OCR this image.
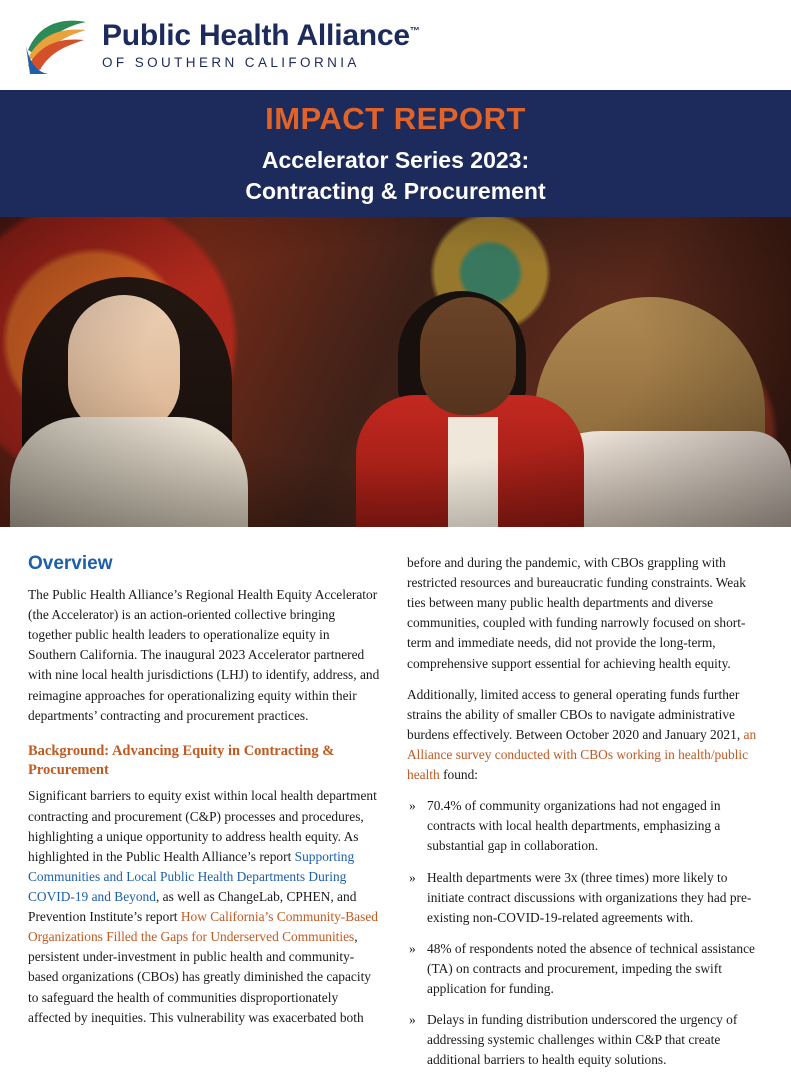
Public Health Alliance™
OF SOUTHERN CALIFORNIA
IMPACT REPORT
Accelerator Series 2023:
Contracting & Procurement
Overview

The Public Health Alliance’s Regional Health Equity Accelerator (the Accelerator) is an action-oriented collective bringing together public health leaders to operationalize equity in Southern California. The inaugural 2023 Accelerator partnered with nine local health jurisdictions (LHJ) to identify, address, and reimagine approaches for operationalizing equity within their departments’ contracting and procurement practices.

Background: Advancing Equity in Contracting & Procurement

Significant barriers to equity exist within local health department contracting and procurement (C&P) processes and procedures, highlighting a unique opportunity to address health equity. As highlighted in the Public Health Alliance’s report Supporting Communities and Local Public Health Departments During COVID-19 and Beyond, as well as ChangeLab, CPHEN, and Prevention Institute’s report How California’s Community-Based Organizations Filled the Gaps for Underserved Communities, persistent under-investment in public health and community-based organizations (CBOs) has greatly diminished the capacity to safeguard the health of communities disproportionately affected by inequities. This vulnerability was exacerbated both

before and during the pandemic, with CBOs grappling with restricted resources and bureaucratic funding constraints. Weak ties between many public health departments and diverse communities, coupled with funding narrowly focused on short-term and immediate needs, did not provide the long-term, comprehensive support essential for achieving health equity.

Additionally, limited access to general operating funds further strains the ability of smaller CBOs to navigate administrative burdens effectively. Between October 2020 and January 2021, an Alliance survey conducted with CBOs working in health/public health found:

» 70.4% of community organizations had not engaged in contracts with local health departments, emphasizing a substantial gap in collaboration.
» Health departments were 3x (three times) more likely to initiate contract discussions with organizations they had pre-existing non-COVID-19-related agreements with.
» 48% of respondents noted the absence of technical assistance (TA) on contracts and procurement, impeding the swift application for funding.
» Delays in funding distribution underscored the urgency of addressing systemic challenges within C&P that create additional barriers to health equity solutions.
